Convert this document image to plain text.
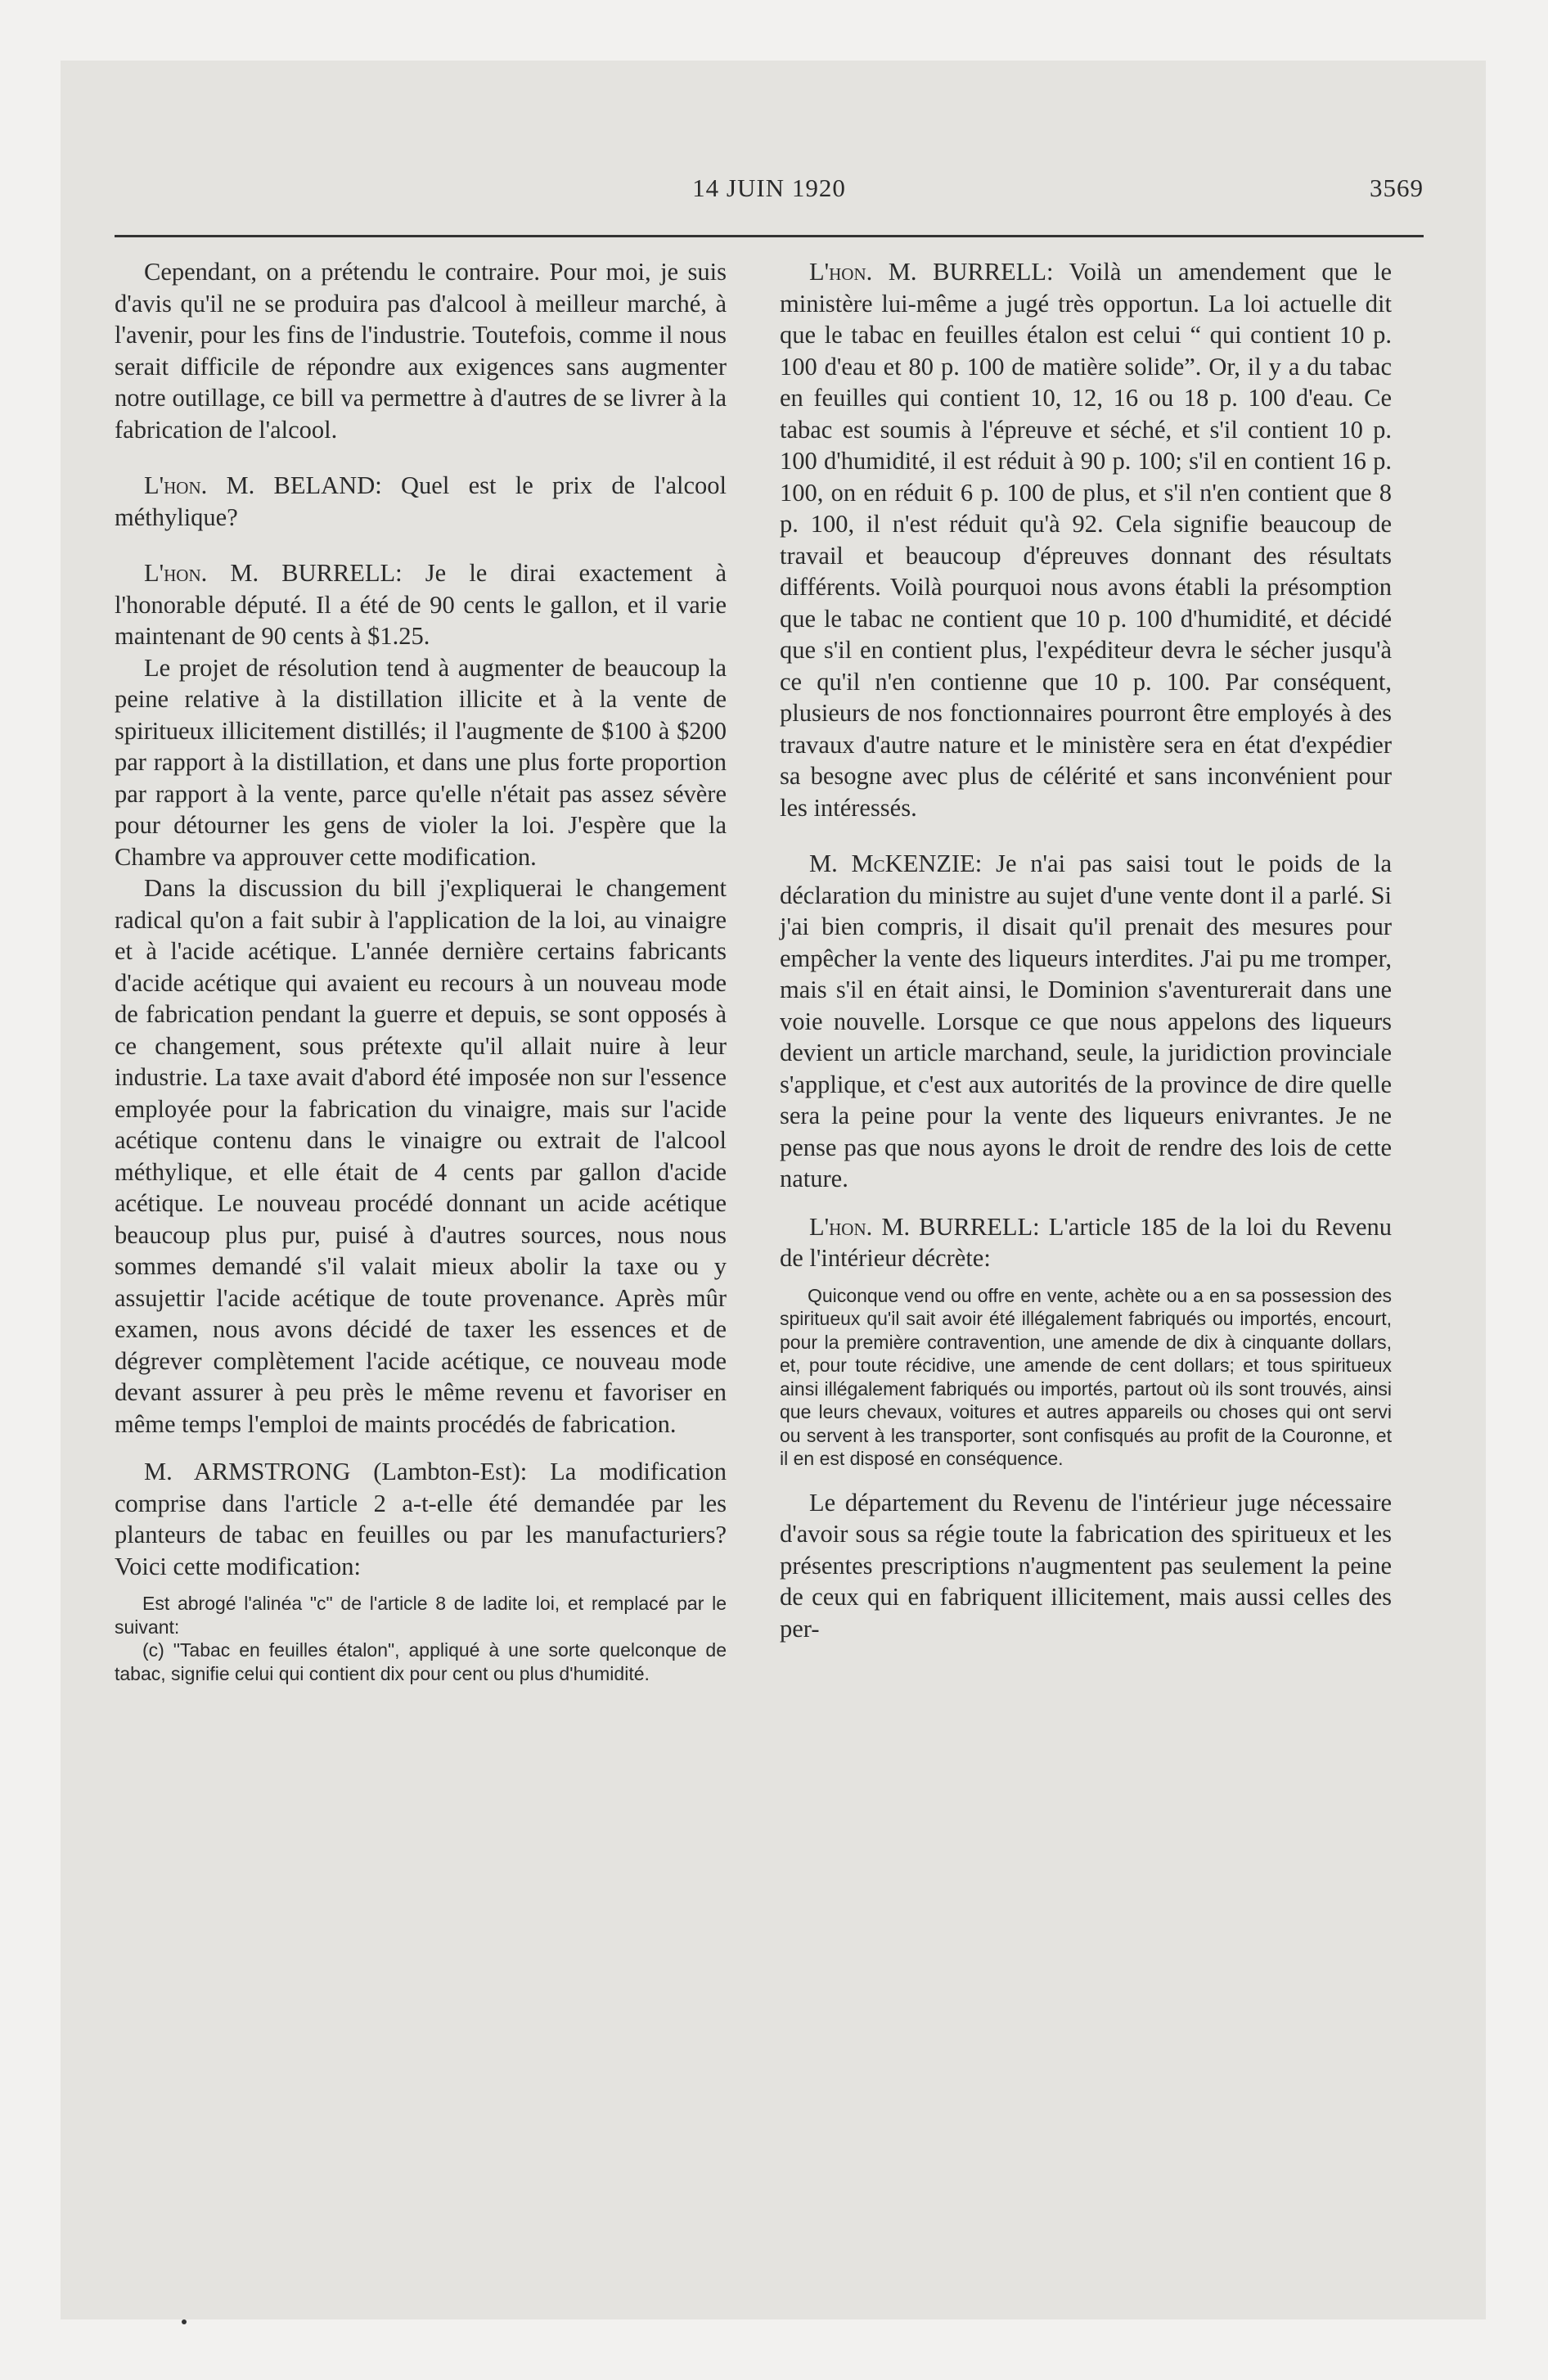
14 JUIN 1920	3569

Cependant, on a prétendu le contraire. Pour moi, je suis d'avis qu'il ne se produira pas d'alcool à meilleur marché, à l'avenir, pour les fins de l'industrie. Toutefois, comme il nous serait difficile de répondre aux exigences sans augmenter notre outillage, ce bill va permettre à d'autres de se livrer à la fabrication de l'alcool.

L'hon. M. BELAND: Quel est le prix de l'alcool méthylique?

L'hon. M. BURRELL: Je le dirai exactement à l'honorable député. Il a été de 90 cents le gallon, et il varie maintenant de 90 cents à $1.25.

Le projet de résolution tend à augmenter de beaucoup la peine relative à la distillation illicite et à la vente de spiritueux illicitement distillés; il l'augmente de $100 à $200 par rapport à la distillation, et dans une plus forte proportion par rapport à la vente, parce qu'elle n'était pas assez sévère pour détourner les gens de violer la loi. J'espère que la Chambre va approuver cette modification.

Dans la discussion du bill j'expliquerai le changement radical qu'on a fait subir à l'application de la loi, au vinaigre et à l'acide acétique. L'année dernière certains fabricants d'acide acétique qui avaient eu recours à un nouveau mode de fabrication pendant la guerre et depuis, se sont opposés à ce changement, sous prétexte qu'il allait nuire à leur industrie. La taxe avait d'abord été imposée non sur l'essence employée pour la fabrication du vinaigre, mais sur l'acide acétique contenu dans le vinaigre ou extrait de l'alcool méthylique, et elle était de 4 cents par gallon d'acide acétique. Le nouveau procédé donnant un acide acétique beaucoup plus pur, puisé à d'autres sources, nous nous sommes demandé s'il valait mieux abolir la taxe ou y assujettir l'acide acétique de toute provenance. Après mûr examen, nous avons décidé de taxer les essences et de dégrever complètement l'acide acétique, ce nouveau mode devant assurer à peu près le même revenu et favoriser en même temps l'emploi de maints procédés de fabrication.

M. ARMSTRONG (Lambton-Est): La modification comprise dans l'article 2 a-t-elle été demandée par les planteurs de tabac en feuilles ou par les manufacturiers? Voici cette modification:

Est abrogé l'alinéa "c" de l'article 8 de ladite loi, et remplacé par le suivant:

(c) "Tabac en feuilles étalon", appliqué à une sorte quelconque de tabac, signifie celui qui contient dix pour cent ou plus d'humidité.

L'hon. M. BURRELL: Voilà un amendement que le ministère lui-même a jugé très opportun. La loi actuelle dit que le tabac en feuilles étalon est celui “ qui contient 10 p. 100 d'eau et 80 p. 100 de matière solide”. Or, il y a du tabac en feuilles qui contient 10, 12, 16 ou 18 p. 100 d'eau. Ce tabac est soumis à l'épreuve et séché, et s'il contient 10 p. 100 d'humidité, il est réduit à 90 p. 100; s'il en contient 16 p. 100, on en réduit 6 p. 100 de plus, et s'il n'en contient que 8 p. 100, il n'est réduit qu'à 92. Cela signifie beaucoup de travail et beaucoup d'épreuves donnant des résultats différents. Voilà pourquoi nous avons établi la présomption que le tabac ne contient que 10 p. 100 d'humidité, et décidé que s'il en contient plus, l'expéditeur devra le sécher jusqu'à ce qu'il n'en contienne que 10 p. 100. Par conséquent, plusieurs de nos fonctionnaires pourront être employés à des travaux d'autre nature et le ministère sera en état d'expédier sa besogne avec plus de célérité et sans inconvénient pour les intéressés.

M. McKENZIE: Je n'ai pas saisi tout le poids de la déclaration du ministre au sujet d'une vente dont il a parlé. Si j'ai bien compris, il disait qu'il prenait des mesures pour empêcher la vente des liqueurs interdites. J'ai pu me tromper, mais s'il en était ainsi, le Dominion s'aventurerait dans une voie nouvelle. Lorsque ce que nous appelons des liqueurs devient un article marchand, seule, la juridiction provinciale s'applique, et c'est aux autorités de la province de dire quelle sera la peine pour la vente des liqueurs enivrantes. Je ne pense pas que nous ayons le droit de rendre des lois de cette nature.

L'hon. M. BURRELL: L'article 185 de la loi du Revenu de l'intérieur décrète:

Quiconque vend ou offre en vente, achète ou a en sa possession des spiritueux qu'il sait avoir été illégalement fabriqués ou importés, encourt, pour la première contravention, une amende de dix à cinquante dollars, et, pour toute récidive, une amende de cent dollars; et tous spiritueux ainsi illégalement fabriqués ou importés, partout où ils sont trouvés, ainsi que leurs chevaux, voitures et autres appareils ou choses qui ont servi ou servent à les transporter, sont confisqués au profit de la Couronne, et il en est disposé en conséquence.

Le département du Revenu de l'intérieur juge nécessaire d'avoir sous sa régie toute la fabrication des spiritueux et les présentes prescriptions n'augmentent pas seulement la peine de ceux qui en fabriquent illicitement, mais aussi celles des per-
